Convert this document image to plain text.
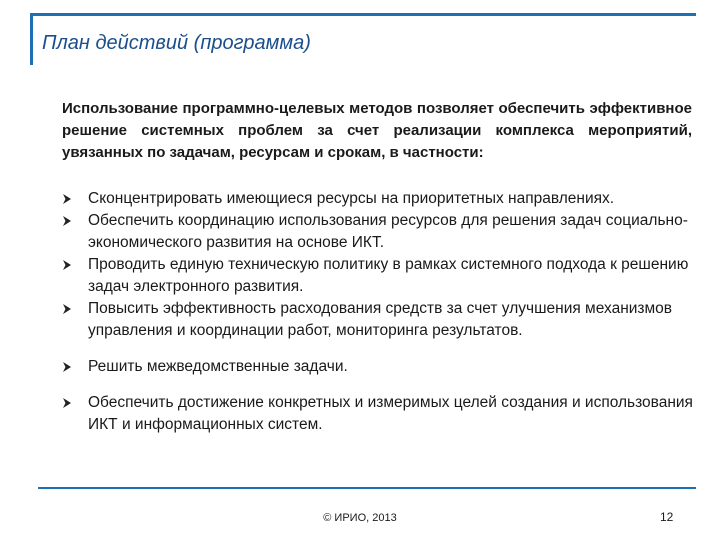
План действий (программа)
Использование программно-целевых методов позволяет обеспечить эффективное решение системных проблем за счет реализации комплекса мероприятий, увязанных по задачам, ресурсам и срокам, в частности:
Сконцентрировать имеющиеся ресурсы на приоритетных направлениях.
Обеспечить координацию использования ресурсов для решения задач социально-экономического развития на основе ИКТ.
Проводить единую техническую политику в рамках системного подхода к решению задач электронного развития.
Повысить эффективность расходования средств за счет улучшения механизмов управления и координации работ, мониторинга результатов.
Решить межведомственные задачи.
Обеспечить достижение конкретных и измеримых целей создания и использования ИКТ и информационных систем.
© ИРИО, 2013	12
